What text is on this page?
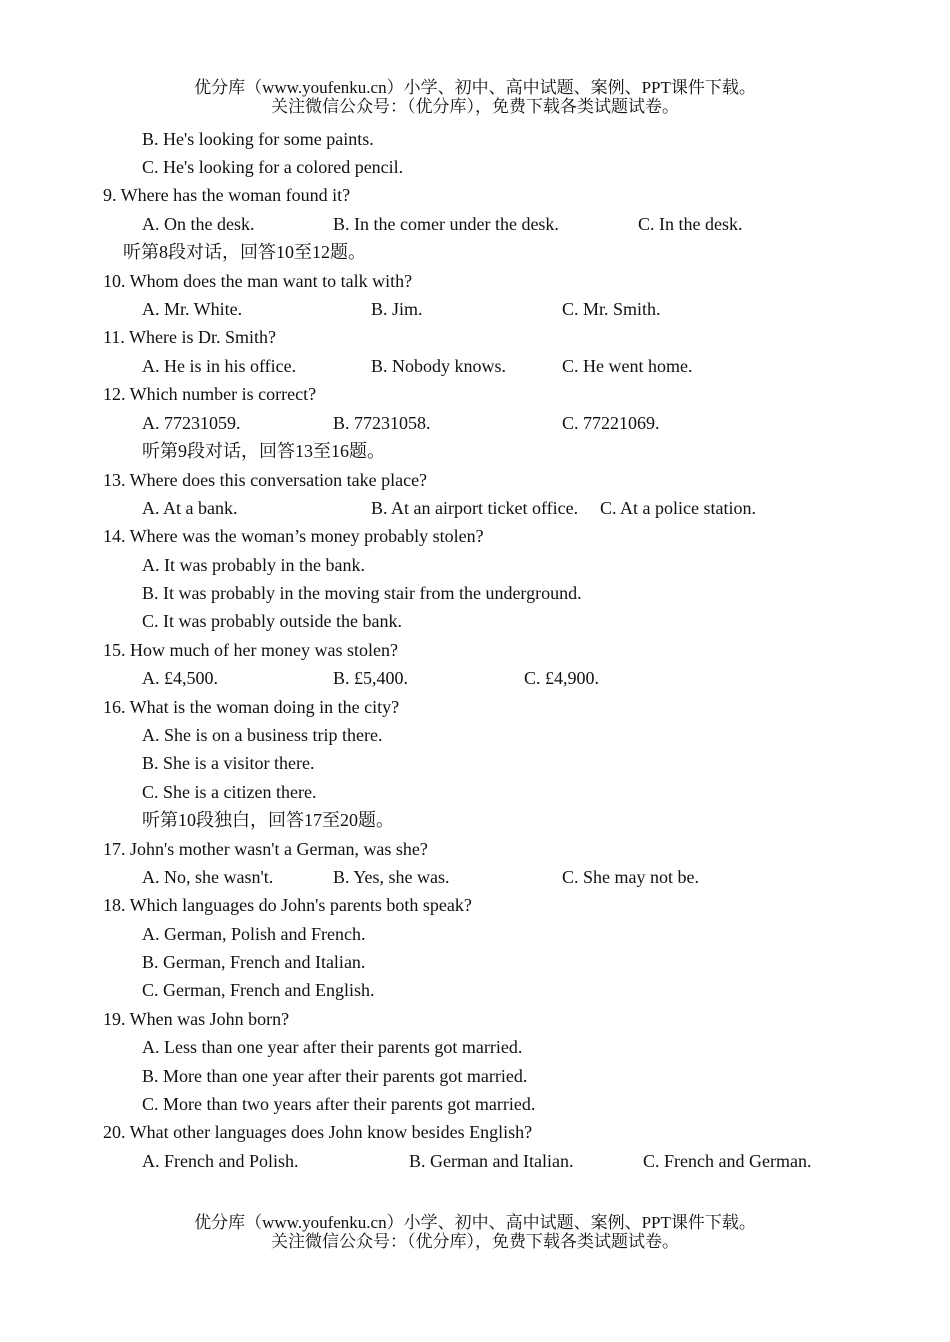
优分库（www.youfenku.cn）小学、初中、高中试题、案例、PPT课件下载。
关注微信公众号：（优分库），免费下载各类试题试卷。
B. He's looking for some paints.
C. He's looking for a colored pencil.
9. Where has the woman found it?
A. On the desk.	B. In the comer under the desk.	C. In the desk.
听第8段对话，回答10至12题。
10. Whom does the man want to talk with?
A. Mr. White.	B. Jim.	C. Mr. Smith.
11. Where is Dr. Smith?
A. He is in his office.	B. Nobody knows.	C. He went home.
12. Which number is correct?
A. 77231059.	B. 77231058.	C. 77221069.
听第9段对话，回答13至16题。
13. Where does this conversation take place?
A. At a bank.	B. At an airport ticket office. C. At a police station.
14. Where was the woman’s money probably stolen?
A. It was probably in the bank.
B. It was probably in the moving stair from the underground.
C. It was probably outside the bank.
15. How much of her money was stolen?
A. £4,500.	B. £5,400.	C. £4,900.
16. What is the woman doing in the city?
A. She is on a business trip there.
B. She is a visitor there.
C. She is a citizen there.
听第10段独白，回答17至20题。
17. John's mother wasn't a German, was she?
A. No, she wasn't.	B. Yes, she was.	C. She may not be.
18. Which languages do John's parents both speak?
A. German, Polish and French.
B. German, French and Italian.
C. German, French and English.
19. When was John born?
A. Less than one year after their parents got married.
B. More than one year after their parents got married.
C. More than two years after their parents got married.
20. What other languages does John know besides English?
A. French and Polish.	B. German and Italian.	C. French and German.
优分库（www.youfenku.cn）小学、初中、高中试题、案例、PPT课件下载。
关注微信公众号：（优分库），免费下载各类试题试卷。
